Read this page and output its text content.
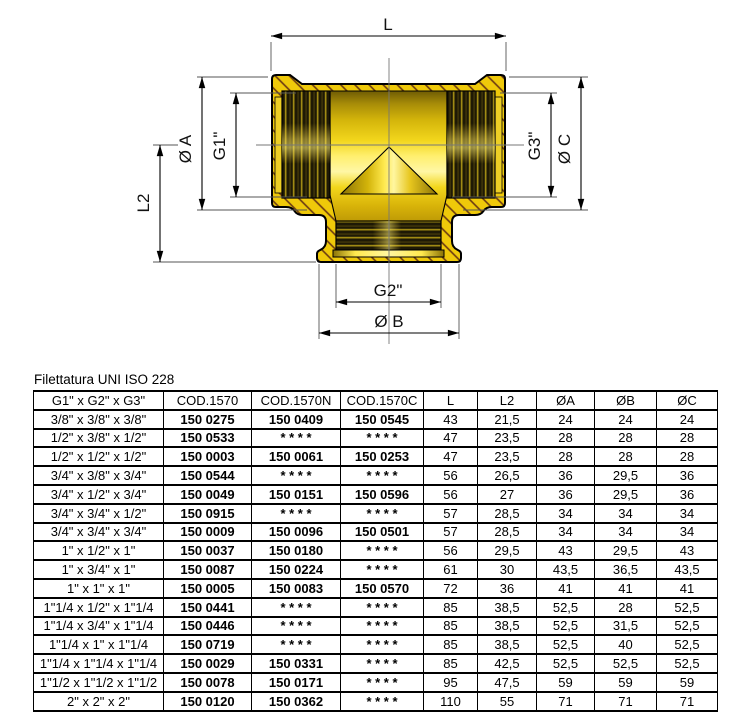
L
Ø A G1"
L2
G3" Ø C
G2"
Ø B
Filettatura UNI ISO 228
G1" x G2" x G3"	COD.1570	COD.1570N	COD.1570C	L	L2	ØA	ØB	ØC
3/8" x 3/8" x 3/8"	150 0275	150 0409	150 0545	43	21,5	24	24	24
1/2" x 3/8" x 1/2"	150 0533	* * * *	* * * *	47	23,5	28	28	28
1/2" x 1/2" x 1/2"	150 0003	150 0061	150 0253	47	23,5	28	28	28
3/4" x 3/8" x 3/4"	150 0544	* * * *	* * * *	56	26,5	36	29,5	36
3/4" x 1/2" x 3/4"	150 0049	150 0151	150 0596	56	27	36	29,5	36
3/4" x 3/4" x 1/2"	150 0915	* * * *	* * * *	57	28,5	34	34	34
3/4" x 3/4" x 3/4"	150 0009	150 0096	150 0501	57	28,5	34	34	34
1" x 1/2" x 1"	150 0037	150 0180	* * * *	56	29,5	43	29,5	43
1" x 3/4" x 1"	150 0087	150 0224	* * * *	61	30	43,5	36,5	43,5
1" x 1" x 1"	150 0005	150 0083	150 0570	72	36	41	41	41
1"1/4 x 1/2" x 1"1/4	150 0441	* * * *	* * * *	85	38,5	52,5	28	52,5
1"1/4 x 3/4" x 1"1/4	150 0446	* * * *	* * * *	85	38,5	52,5	31,5	52,5
1"1/4 x 1" x 1"1/4	150 0719	* * * *	* * * *	85	38,5	52,5	40	52,5
1"1/4 x 1"1/4 x 1"1/4	150 0029	150 0331	* * * *	85	42,5	52,5	52,5	52,5
1"1/2 x 1"1/2 x 1"1/2	150 0078	150 0171	* * * *	95	47,5	59	59	59
2" x 2" x 2"	150 0120	150 0362	* * * *	110	55	71	71	71
